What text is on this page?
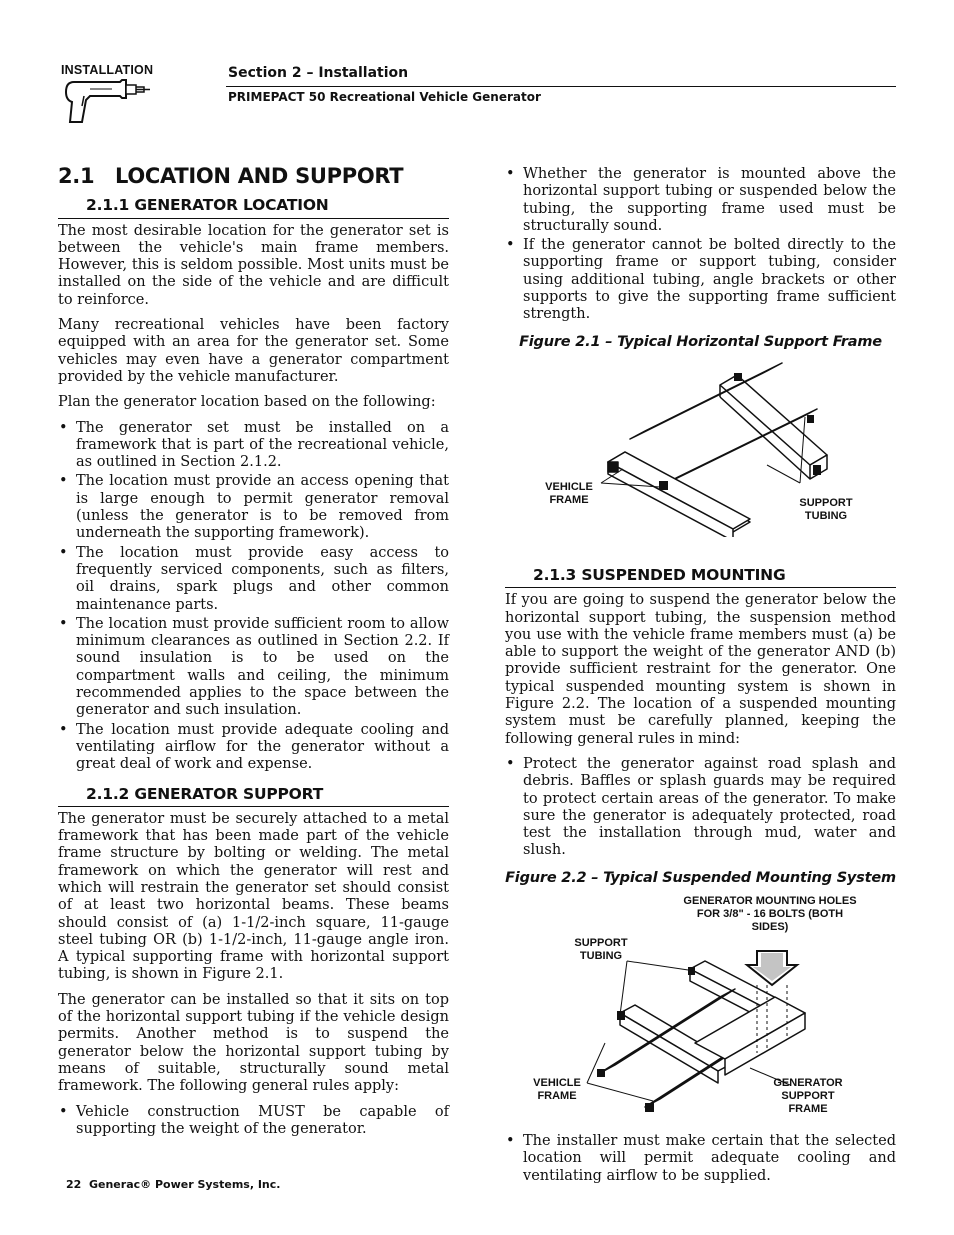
INSTALLATION	Section 2 – Installation
PRIMEPACT 50 Recreational Vehicle Generator
2.1 LOCATION AND SUPPORT
2.1.1 GENERATOR LOCATION

The most desirable location for the generator set is between the vehicle's main frame members. However, this is seldom possible. Most units must be installed on the side of the vehicle and are difficult to reinforce.

Many recreational vehicles have been factory equipped with an area for the generator set. Some vehicles may even have a generator compartment provided by the vehicle manufacturer.

Plan the generator location based on the following:

• The generator set must be installed on a framework that is part of the recreational vehicle, as outlined in Section 2.1.2.
• The location must provide an access opening that is large enough to permit generator removal (unless the generator is to be removed from underneath the supporting framework).
• The location must provide easy access to frequently serviced components, such as filters, oil drains, spark plugs and other common maintenance parts.
• The location must provide sufficient room to allow minimum clearances as outlined in Section 2.2. If sound insulation is to be used on the compartment walls and ceiling, the minimum recommended applies to the space between the generator and such insulation.
• The location must provide adequate cooling and ventilating airflow for the generator without a great deal of work and expense.
2.1.2 GENERATOR SUPPORT

The generator must be securely attached to a metal framework that has been made part of the vehicle frame structure by bolting or welding. The metal framework on which the generator will rest and which will restrain the generator set should consist of at least two horizontal beams. These beams should consist of (a) 1-1/2-inch square, 11-gauge steel tubing OR (b) 1-1/2-inch, 11-gauge angle iron. A typical supporting frame with horizontal support tubing, is shown in Figure 2.1.

The generator can be installed so that it sits on top of the horizontal support tubing if the vehicle design permits. Another method is to suspend the generator below the horizontal support tubing by means of suitable, structurally sound metal framework. The following general rules apply:

• Vehicle construction MUST be capable of supporting the weight of the generator.
• Whether the generator is mounted above the horizontal support tubing or suspended below the tubing, the supporting frame used must be structurally sound.
• If the generator cannot be bolted directly to the supporting frame or support tubing, consider using additional tubing, angle brackets or other supports to give the supporting frame sufficient strength.
Figure 2.1 – Typical Horizontal Support Frame
VEHICLE FRAME	SUPPORT TUBING
2.1.3 SUSPENDED MOUNTING

If you are going to suspend the generator below the horizontal support tubing, the suspension method you use with the vehicle frame members must (a) be able to support the weight of the generator AND (b) provide sufficient restraint for the generator. One typical suspended mounting system is shown in Figure 2.2. The location of a suspended mounting system must be carefully planned, keeping the following general rules in mind:

• Protect the generator against road splash and debris. Baffles or splash guards may be required to protect certain areas of the generator. To make sure the generator is adequately protected, road test the installation through mud, water and slush.
Figure 2.2 – Typical Suspended Mounting System
GENERATOR MOUNTING HOLES FOR 3/8" - 16 BOLTS (BOTH SIDES)
SUPPORT TUBING
VEHICLE FRAME
GENERATOR SUPPORT FRAME
• The installer must make certain that the selected location will permit adequate cooling and ventilating airflow to be supplied.
22 Generac® Power Systems, Inc.
